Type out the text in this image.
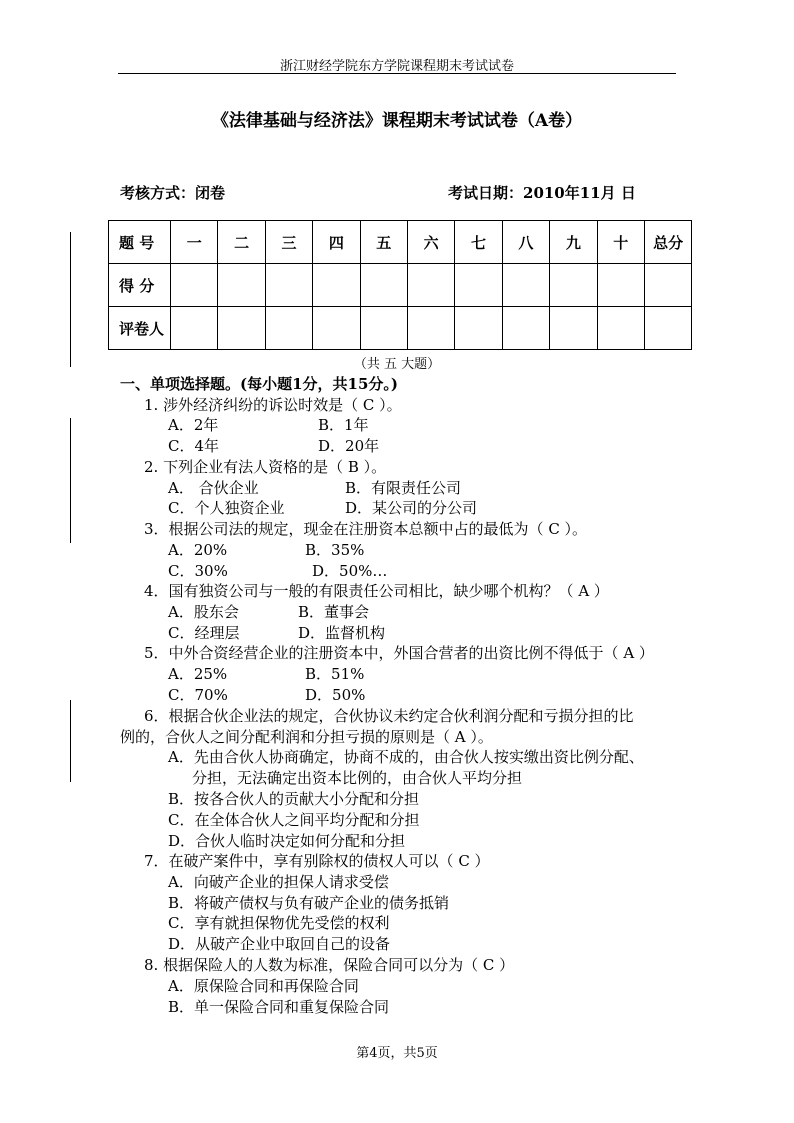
浙江财经学院东方学院课程期末考试试卷
《法律基础与经济法》课程期末考试试卷（A卷）
考核方式：闭卷	考试日期：2010年11月 日
题 号	一	二	三	四	五	六	七	八	九	十	总分
得 分											
评卷人											
（共 五 大题）
一、单项选择题。(每小题1分，共15分。)
1. 涉外经济纠纷的诉讼时效是（ C ）。
A．2年	B．1年
C．4年	D．20年
2. 下列企业有法人资格的是（ B ）。
A． 合伙企业	B．有限责任公司
C．个人独资企业	D．某公司的分公司
3．根据公司法的规定，现金在注册资本总额中占的最低为（ C ）。
A．20%	B．35%
C．30%	D．50%…
4．国有独资公司与一般的有限责任公司相比，缺少哪个机构？（ A ）
A．股东会	B．董事会
C．经理层	D．监督机构
5．中外合资经营企业的注册资本中，外国合营者的出资比例不得低于（ A ）
A．25%	B．51%
C．70%	D．50%
6．根据合伙企业法的规定，合伙协议未约定合伙利润分配和亏损分担的比
例的，合伙人之间分配利润和分担亏损的原则是（ A ）。
A．先由合伙人协商确定，协商不成的，由合伙人按实缴出资比例分配、
分担，无法确定出资本比例的，由合伙人平均分担
B．按各合伙人的贡献大小分配和分担
C．在全体合伙人之间平均分配和分担
D．合伙人临时决定如何分配和分担
7．在破产案件中，享有别除权的债权人可以（ C ）
A．向破产企业的担保人请求受偿
B．将破产债权与负有破产企业的债务抵销
C．享有就担保物优先受偿的权利
D．从破产企业中取回自己的设备
8. 根据保险人的人数为标准，保险合同可以分为（ C ）
A．原保险合同和再保险合同
B．单一保险合同和重复保险合同
第4页，共5页
